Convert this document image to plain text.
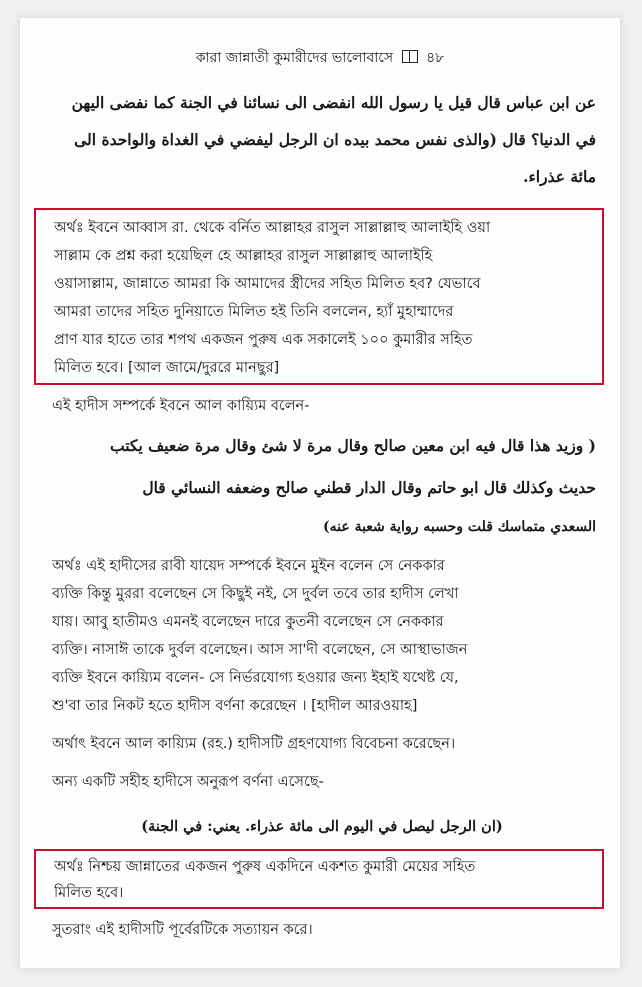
কারা জান্নাতী কুমারীদের ভালোবাসে ৪৮
عن ابن عباس قال قيل يا رسول الله انفضى الى نسائنا في الجنة كما نفضى اليهن
في الدنيا؟ قال (والذى نفس محمد بيده ان الرجل ليفضي في الغداة والواحدة الى
مائة عذراء.
অর্থঃ ইবনে আব্বাস রা. থেকে বর্নিত আল্লাহর রাসুল সাল্লাল্লাহু আলাইহি ওয়া
সাল্লাম কে প্রশ্ন করা হয়েছিল হে আল্লাহর রাসুল সাল্লাল্লাহু আলাইহি
ওয়াসাল্লাম, জান্নাতে আমরা কি আমাদের স্ত্রীদের সহিত মিলিত হব? যেভাবে
আমরা তাদের সহিত দুনিয়াতে মিলিত হই তিনি বললেন, হ্যাঁ মুহাম্মাদের
প্রাণ যার হাতে তার শপথ একজন পুরুষ এক সকালেই ১০০ কুমারীর সহিত
মিলিত হবে। [আল জামে/দুররে মানছুর]
এই হাদীস সম্পর্কে ইবনে আল কায়্যিম বলেন-
( وزيد هذا قال فيه ابن معين صالح وقال مرة لا شئ وقال مرة ضعيف يكتب
حديث وكذلك قال ابو حاتم وقال الدار قطني صالح وضعفه النسائي قال
السعدي متماسك قلت وحسبه رواية شعبة عنه)
অর্থঃ এই হাদীসের রাবী যায়েদ সম্পর্কে ইবনে মুইন বলেন সে নেককার
ব্যক্তি কিন্তু মুররা বলেছেন সে কিছুই নই, সে দুর্বল তবে তার হাদীস লেখা
যায়। আবু হাতীমও এমনই বলেছেন দারে কুতনী বলেছেন সে নেককার
ব্যক্তি। নাসাঈ তাকে দুর্বল বলেছেন। আস সা'দী বলেছেন, সে আস্থাভাজন
ব্যক্তি ইবনে কায়্যিম বলেন- সে নির্ভরযোগ্য হওয়ার জন্য ইহাই যথেষ্ট যে,
শু'বা তার নিকট হতে হাদীস বর্ণনা করেছেন । [হাদীল আরওয়াহ]
অর্থাৎ ইবনে আল কায়্যিম (রহ.) হাদীসটি গ্রহণযোগ্য বিবেচনা করেছেন।
অন্য একটি সহীহ হাদীসে অনুরূপ বর্ণনা এসেছে-
(ان الرجل ليصل في اليوم الى مائة عذراء. يعني: في الجنة)
অর্থঃ নিশ্চয় জান্নাতের একজন পুরুষ একদিনে একশত কুমারী মেয়ের সহিত
মিলিত হবে।
সুতরাং এই হাদীসটি পূর্বেরটিকে সত্যায়ন করে।
